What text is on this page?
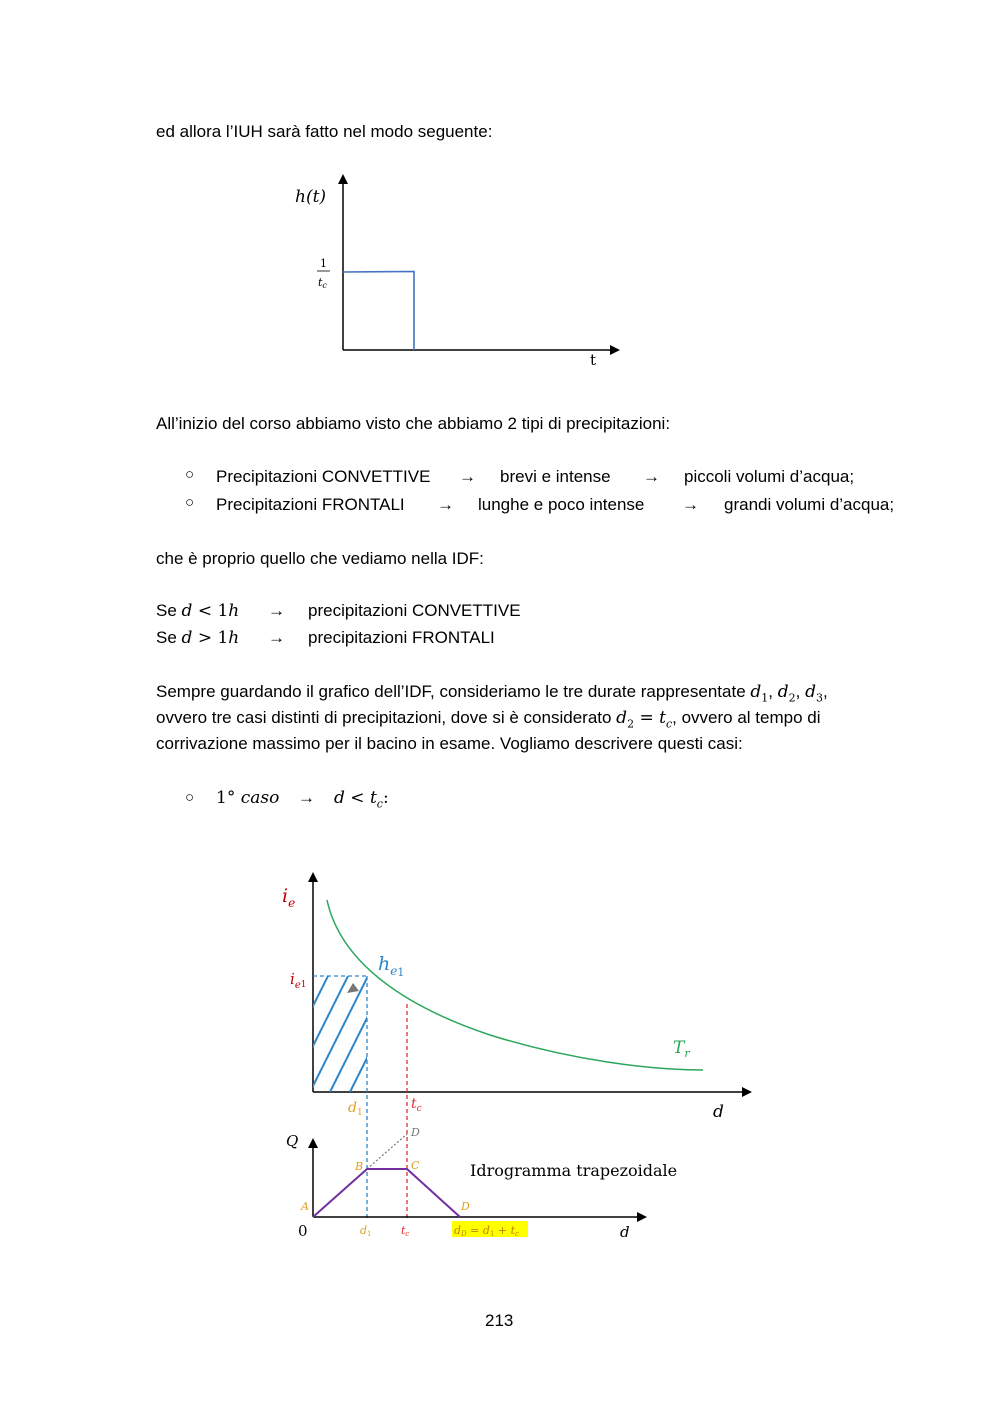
ed allora l’IUH sarà fatto nel modo seguente:
h(t)
1
tc
t
All’inizio del corso abbiamo visto che abbiamo 2 tipi di precipitazioni:
○ Precipitazioni CONVETTIVE → brevi e intense → piccoli volumi d’acqua;
○ Precipitazioni FRONTALI → lunghe e poco intense → grandi volumi d’acqua;
che è proprio quello che vediamo nella IDF:
Se d < 1h → precipitazioni CONVETTIVE
Se d > 1h → precipitazioni FRONTALI
Sempre guardando il grafico dell’IDF, consideriamo le tre durate rappresentate $d_1$, $d_2$, $d_3$,
ovvero tre casi distinti di precipitazioni, dove si è considerato $d_2 = t_c$, ovvero al tempo di
corrivazione massimo per il bacino in esame. Vogliamo descrivere questi casi:
○ 1° caso → $d < t_c$:
$i_e$
$i_e1$
$h_e1$
$T_r$
d
$d_1$
$t_c$
Q
0	d
A
B	C
D
D
d1	tc	dD = d1 + tc
Idrogramma trapezoidale
213
